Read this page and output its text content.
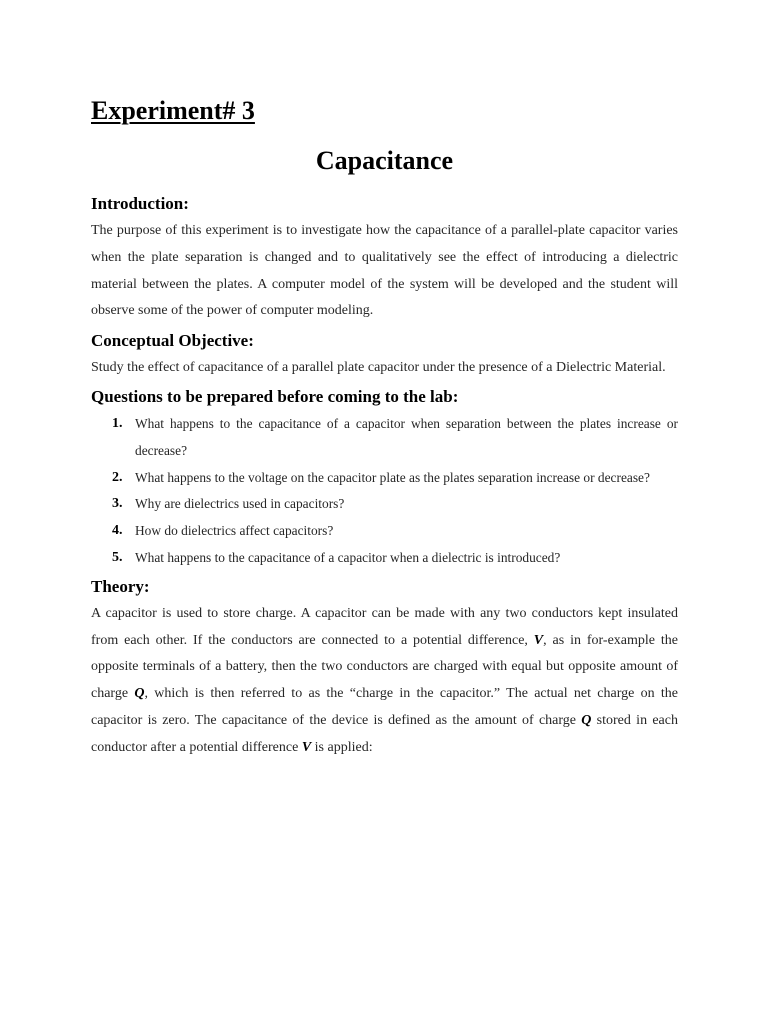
Experiment# 3
Capacitance
Introduction:

The purpose of this experiment is to investigate how the capacitance of a parallel-plate capacitor varies when the plate separation is changed and to qualitatively see the effect of introducing a dielectric material between the plates. A computer model of the system will be developed and the student will observe some of the power of computer modeling.

Conceptual Objective:

Study the effect of capacitance of a parallel plate capacitor under the presence of a Dielectric Material.

Questions to be prepared before coming to the lab:
1. What happens to the capacitance of a capacitor when separation between the plates increase or decrease?
2. What happens to the voltage on the capacitor plate as the plates separation increase or decrease?
3. Why are dielectrics used in capacitors?
4. How do dielectrics affect capacitors?
5. What happens to the capacitance of a capacitor when a dielectric is introduced?
Theory:

A capacitor is used to store charge. A capacitor can be made with any two conductors kept insulated from each other. If the conductors are connected to a potential difference, V, as in for-example the opposite terminals of a battery, then the two conductors are charged with equal but opposite amount of charge Q, which is then referred to as the “charge in the capacitor.” The actual net charge on the capacitor is zero. The capacitance of the device is defined as the amount of charge Q stored in each conductor after a potential difference V is applied:
